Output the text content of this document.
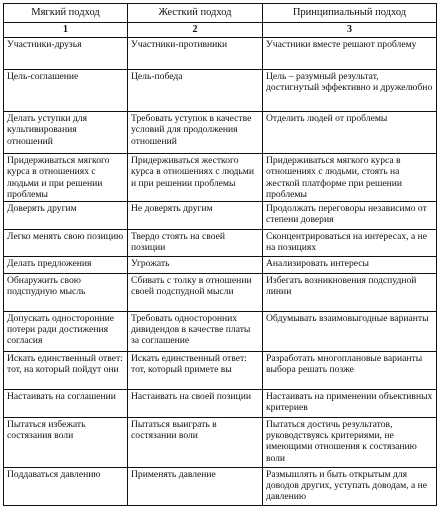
Мягкий подход	Жесткий подход	Принципиальный подход
1	2	3
Участники-друзья	Участники-противники	Участники вместе решают проблему
Цель-соглашение	Цель-победа	Цель – разумный результат, достигнутый эффективно и дружелюбно
Делать уступки для культивирования отношений	Требовать уступок в качестве условий для продолжения отношений	Отделить людей от проблемы
Придерживаться мягкого курса в отношениях с людьми и при решении проблемы	Придерживаться жесткого курса в отношениях с людьми и при решении проблемы	Придерживаться мягкого курса в отношениях с людьми, стоять на жесткой платформе при решении проблемы
Доверять другим	Не доверять другим	Продолжать переговоры независимо от степени доверия
Легко менять свою позицию	Твердо стоять на своей позиции	Сконцентрироваться на интересах, а не на позициях
Делать предложения	Угрожать	Анализировать интересы
Обнаружить свою подспудную мысль	Сбивать с толку в отношении своей подспудной мысли	Избегать возникновения подспудной линии
Допускать односторонние потери ради достижения согласия	Требовать односторонних дивидендов в качестве платы за соглашение	Обдумывать взаимовыгодные варианты
Искать единственный ответ: тот, на который пойдут они	Искать единственный ответ: тот, который примете вы	Разработать многоплановые варианты выбора решать позже
Настаивать на соглашении	Настаивать на своей позиции	Настаивать на применении объективных критериев
Пытаться избежать состязания воли	Пытаться выиграть в состязании воли	Пытаться достичь результатов, руководствуясь критериями, не имеющими отношения к состязанию воли
Поддаваться давлению	Применять давление	Размышлять и быть открытым для доводов других, уступать доводам, а не давлению
